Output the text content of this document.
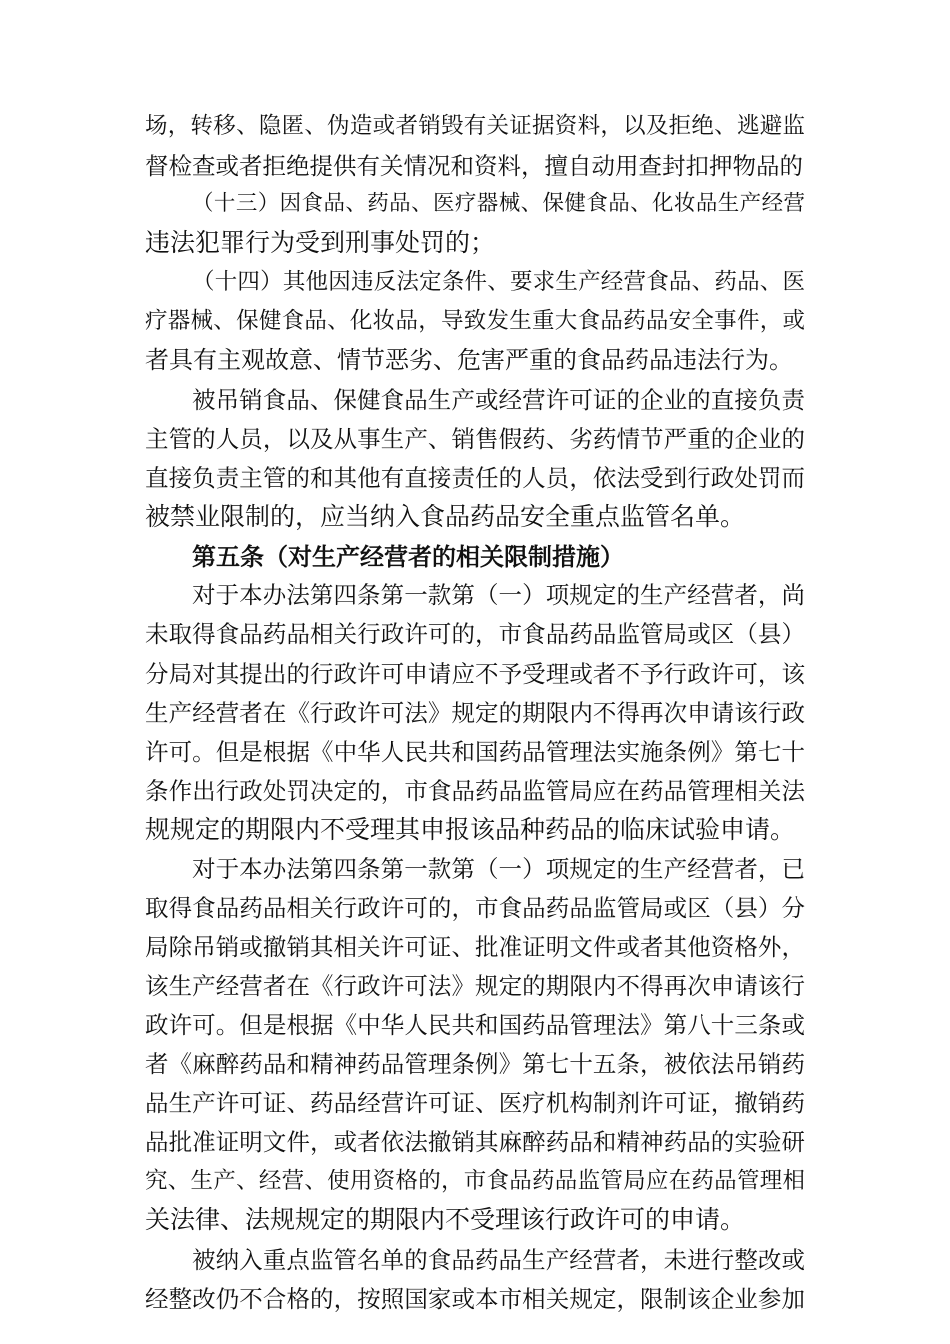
场，转移、隐匿、伪造或者销毁有关证据资料，以及拒绝、逃避监
督检查或者拒绝提供有关情况和资料，擅自动用查封扣押物品的
（十三）因食品、药品、医疗器械、保健食品、化妆品生产经营
违法犯罪行为受到刑事处罚的；
（十四）其他因违反法定条件、要求生产经营食品、药品、医
疗器械、保健食品、化妆品，导致发生重大食品药品安全事件，或
者具有主观故意、情节恶劣、危害严重的食品药品违法行为。
被吊销食品、保健食品生产或经营许可证的企业的直接负责
主管的人员，以及从事生产、销售假药、劣药情节严重的企业的
直接负责主管的和其他有直接责任的人员，依法受到行政处罚而
被禁业限制的，应当纳入食品药品安全重点监管名单。
第五条（对生产经营者的相关限制措施）
对于本办法第四条第一款第（一）项规定的生产经营者，尚
未取得食品药品相关行政许可的，市食品药品监管局或区（县）
分局对其提出的行政许可申请应不予受理或者不予行政许可，该
生产经营者在《行政许可法》规定的期限内不得再次申请该行政
许可。但是根据《中华人民共和国药品管理法实施条例》第七十
条作出行政处罚决定的，市食品药品监管局应在药品管理相关法
规规定的期限内不受理其申报该品种药品的临床试验申请。
对于本办法第四条第一款第（一）项规定的生产经营者，已
取得食品药品相关行政许可的，市食品药品监管局或区（县）分
局除吊销或撤销其相关许可证、批准证明文件或者其他资格外，
该生产经营者在《行政许可法》规定的期限内不得再次申请该行
政许可。但是根据《中华人民共和国药品管理法》第八十三条或
者《麻醉药品和精神药品管理条例》第七十五条，被依法吊销药
品生产许可证、药品经营许可证、医疗机构制剂许可证，撤销药
品批准证明文件，或者依法撤销其麻醉药品和精神药品的实验研
究、生产、经营、使用资格的，市食品药品监管局应在药品管理相
关法律、法规规定的期限内不受理该行政许可的申请。
被纳入重点监管名单的食品药品生产经营者，未进行整改或
经整改仍不合格的，按照国家或本市相关规定，限制该企业参加
